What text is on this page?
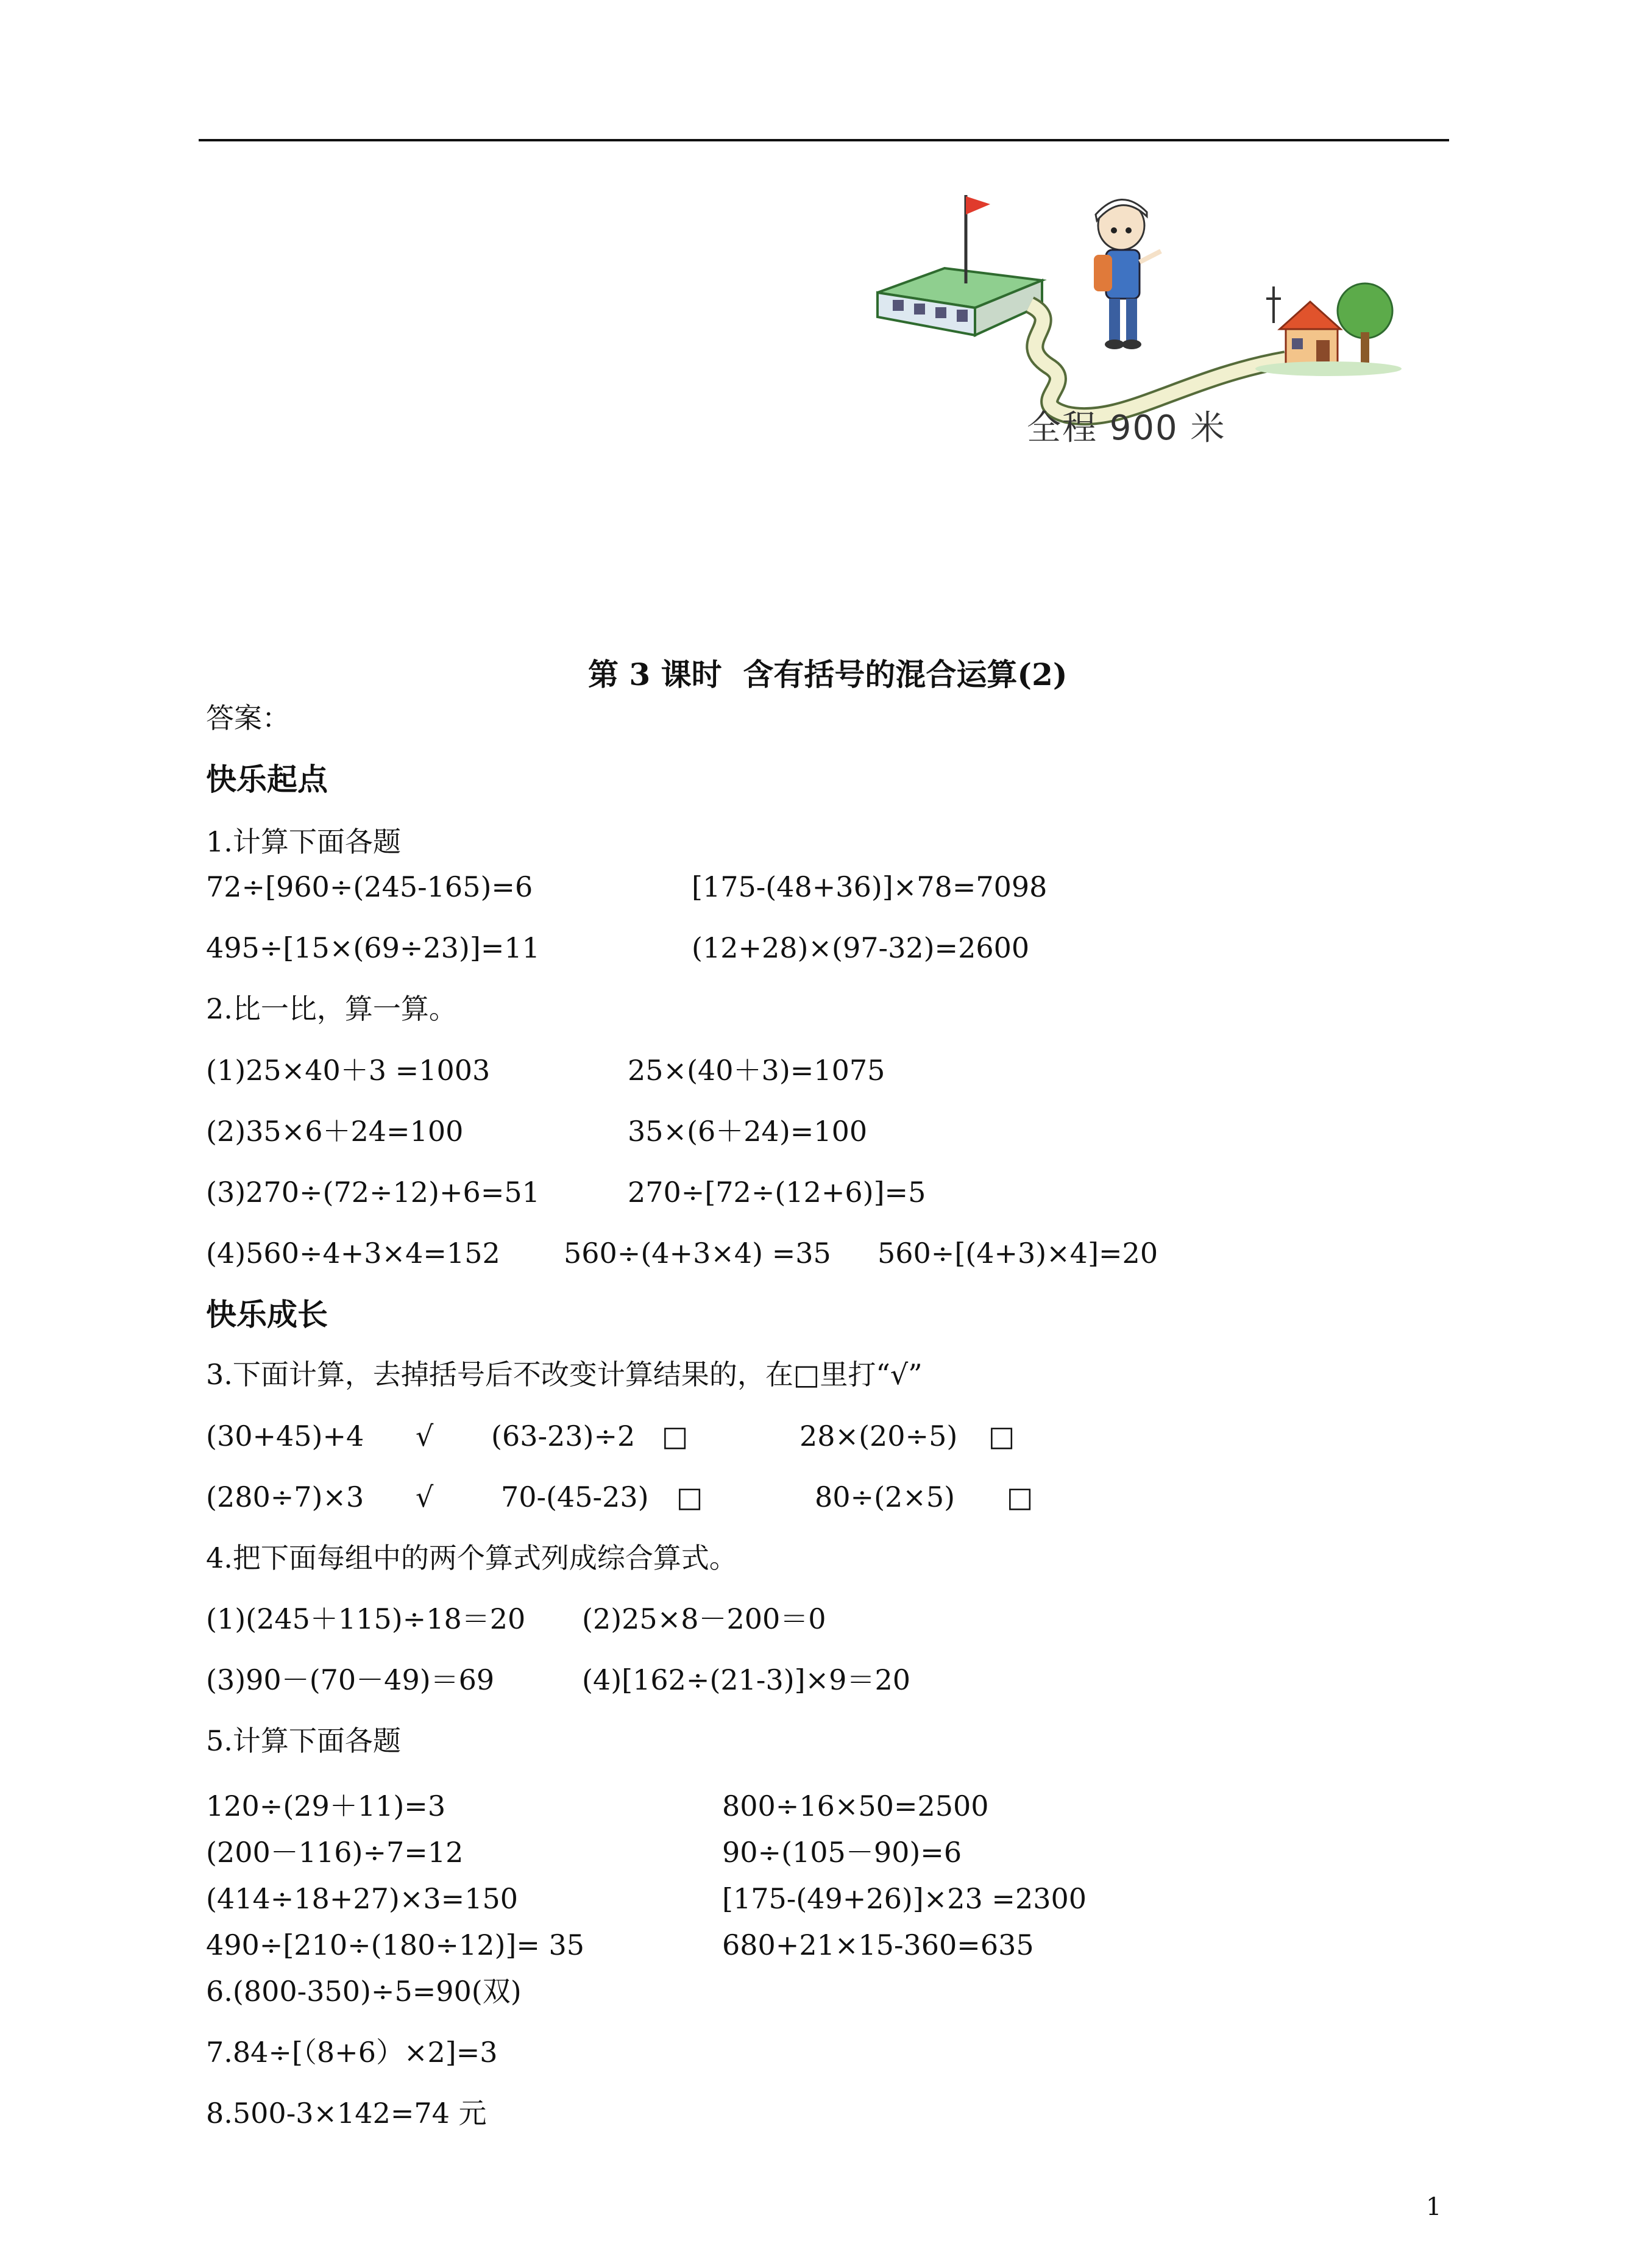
全程 900 米
第 3 课时  含有括号的混合运算(2)
答案：
快乐起点
1.计算下面各题
72÷[960÷(245-165)=6	[175-(48+36)]×78=7098
495÷[15×(69÷23)]=11	(12+28)×(97-32)=2600
2.比一比，算一算。
(1)25×40＋3 =1003	25×(40＋3)=1075
(2)35×6＋24=100	35×(6＋24)=100
(3)270÷(72÷12)+6=51	270÷[72÷(12+6)]=5
(4)560÷4+3×4=152 560÷(4+3×4) =35 560÷[(4+3)×4]=20
快乐成长
3.下面计算，去掉括号后不改变计算结果的，在□里打“√”
(30+45)+4 √ (63-23)÷2 □	28×(20÷5) □
(280÷7)×3 √ 70-(45-23) □	80÷(2×5) □
4.把下面每组中的两个算式列成综合算式。
(1)(245＋115)÷18＝20 (2)25×8－200＝0
(3)90－(70－49)＝69	(4)[162÷(21-3)]×9＝20
5.计算下面各题
120÷(29＋11)=3	800÷16×50=2500
(200－116)÷7=12	90÷(105－90)=6
(414÷18+27)×3=150	[175-(49+26)]×23 =2300
490÷[210÷(180÷12)]= 35	680+21×15-360=635
6.(800-350)÷5=90(双)
7.84÷[（8+6）×2]=3
8.500-3×142=74 元
1
